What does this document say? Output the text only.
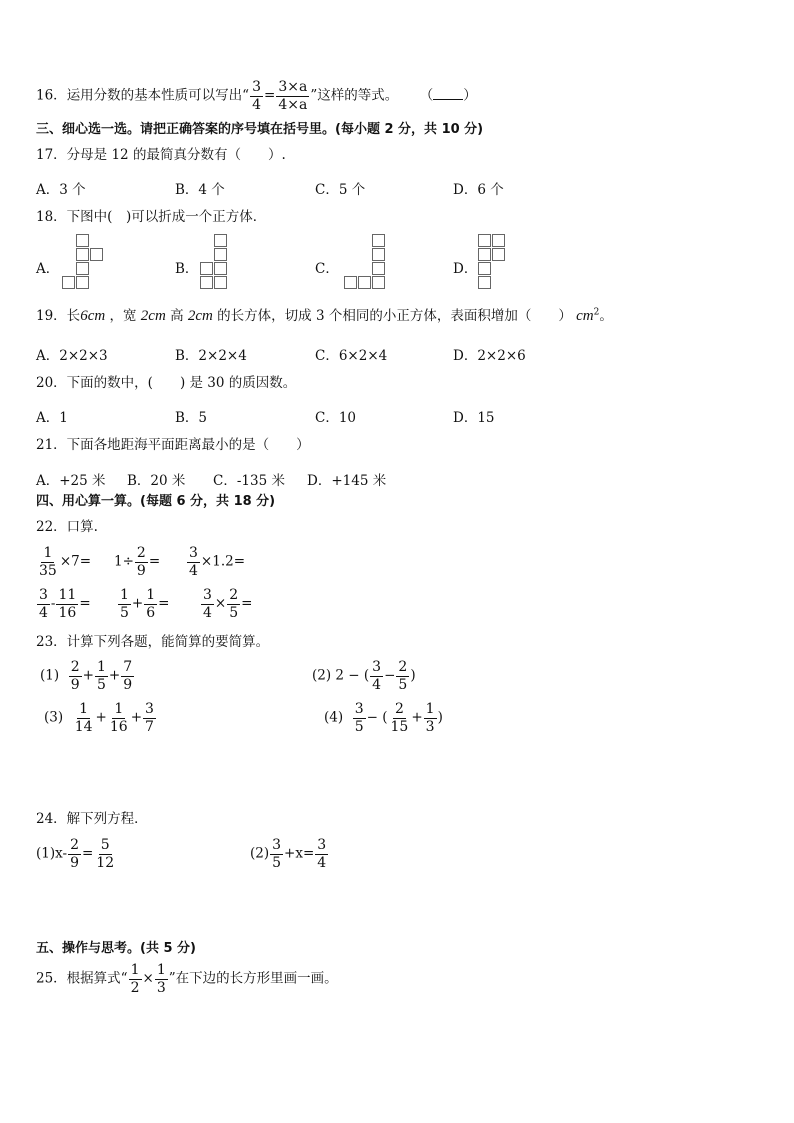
16．运用分数的基本性质可以写出“ $\frac{3}{4} = \frac{3\times a}{4\times a}$ ”这样的等式。 （ ）
三、细心选一选。请把正确答案的序号填在括号里。(每小题 2 分，共 10 分)
17．分母是 12 的最简真分数有（　　）.
A．3 个	B．4 个	C．5 个	D．6 个
18．下图中(　)可以折成一个正方体．
A．	B．	C．	D．
19．长6cm ，宽 2cm 高 2cm 的长方体，切成 3 个相同的小正方体，表面积增加（　　） $cm^2$。
A．2×2×3	B．2×2×4	C．6×2×4	D．2×2×6
20．下面的数中，(　　) 是 30 的质因数。
A．1	B．5	C．10	D．15
21．下面各地距海平面距离最小的是（　　）
A．+25 米 B．20 米 C．-135 米 D．+145 米
四、用心算一算。(每题 6 分，共 18 分)
22．口算.
$\frac{1}{35} \times 7= 1\div \frac{2}{9} = \frac{3}{4} \times 1.2=$
$\frac{3}{4} - \frac{11}{16} = \frac{1}{5} + \frac{1}{6} = \frac{3}{4} \times \frac{2}{5}$ =
23．计算下列各题，能简算的要简算。
$(1) \frac{2}{9} + \frac{1}{5} + \frac{7}{9}$	(2) 2 − ( $\frac{3}{4} - \frac{2}{5}$ )
$(3) \frac{1}{14} + \frac{1}{16} + \frac{3}{7}$	$(4) \frac{3}{5}$ − ( $\frac{2}{15} + \frac{1}{3}$ )
24．解下列方程．
$(1)x- \frac{2}{9} = \frac{5}{12}$	$(2) \frac{3}{5} +x= \frac{3}{4}$
五、操作与思考。(共 5 分)
25．根据算式“ $\frac{1}{2} \times \frac{1}{3}$ ”在下边的长方形里画一画。
